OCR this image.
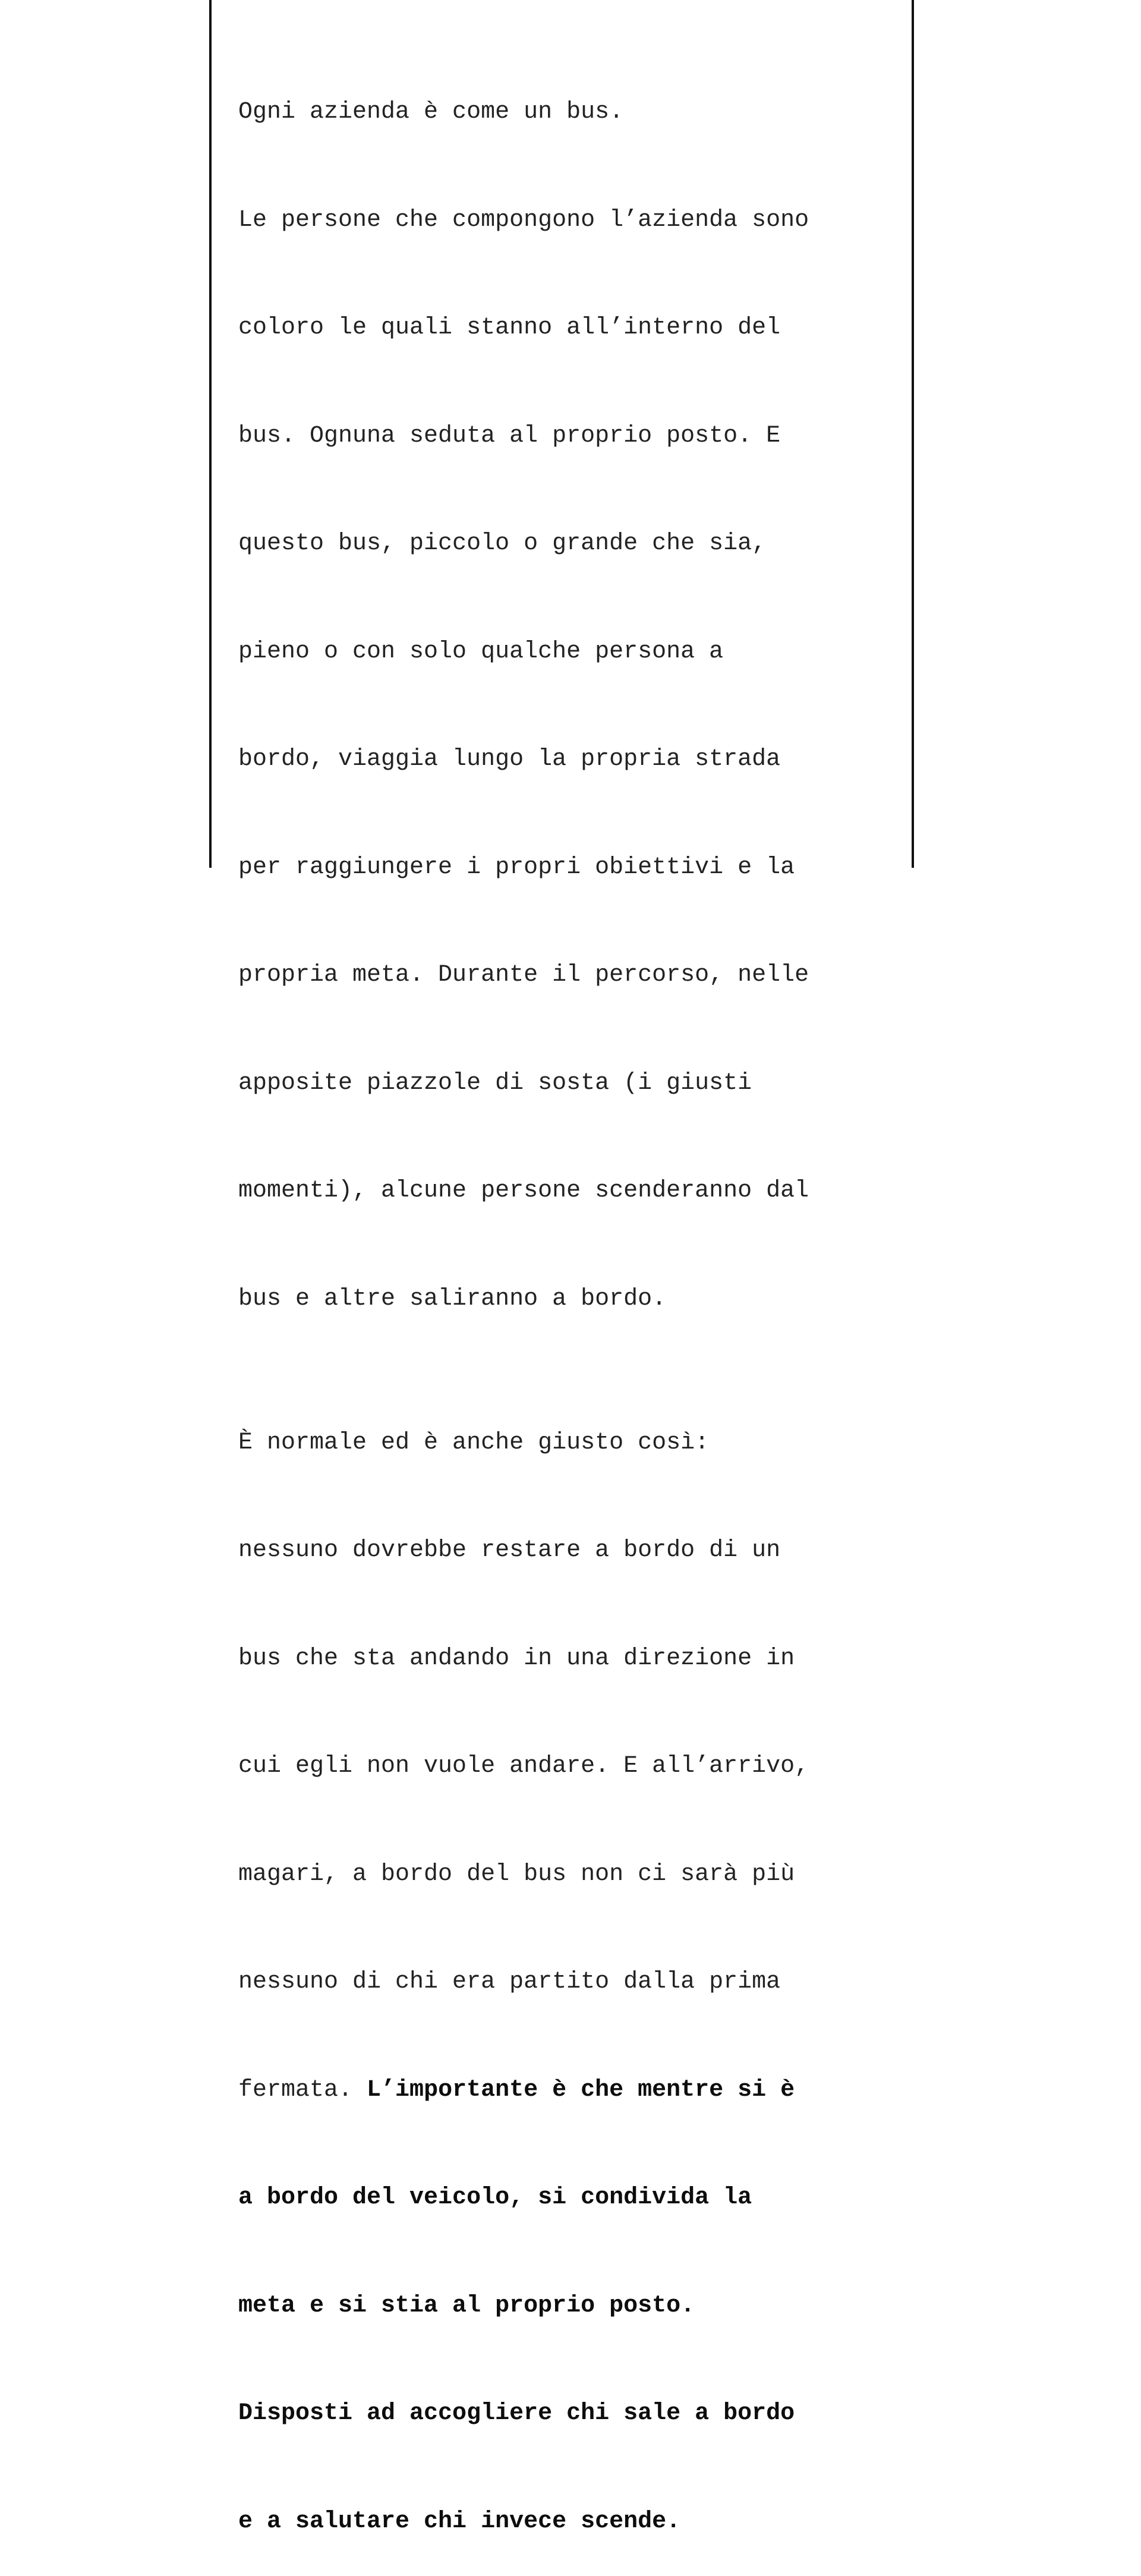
Ogni azienda è come un bus.

Le persone che compongono l’azienda sono

coloro le quali stanno all’interno del

bus. Ognuna seduta al proprio posto. E

questo bus, piccolo o grande che sia,

pieno o con solo qualche persona a

bordo, viaggia lungo la propria strada

per raggiungere i propri obiettivi e la

propria meta. Durante il percorso, nelle

apposite piazzole di sosta (i giusti

momenti), alcune persone scenderanno dal

bus e altre saliranno a bordo.

È normale ed è anche giusto così:

nessuno dovrebbe restare a bordo di un

bus che sta andando in una direzione in

cui egli non vuole andare. E all’arrivo,

magari, a bordo del bus non ci sarà più

nessuno di chi era partito dalla prima

fermata. L’importante è che mentre si è

a bordo del veicolo, si condivida la

meta e si stia al proprio posto.

Disposti ad accogliere chi sale a bordo

e a salutare chi invece scende.
